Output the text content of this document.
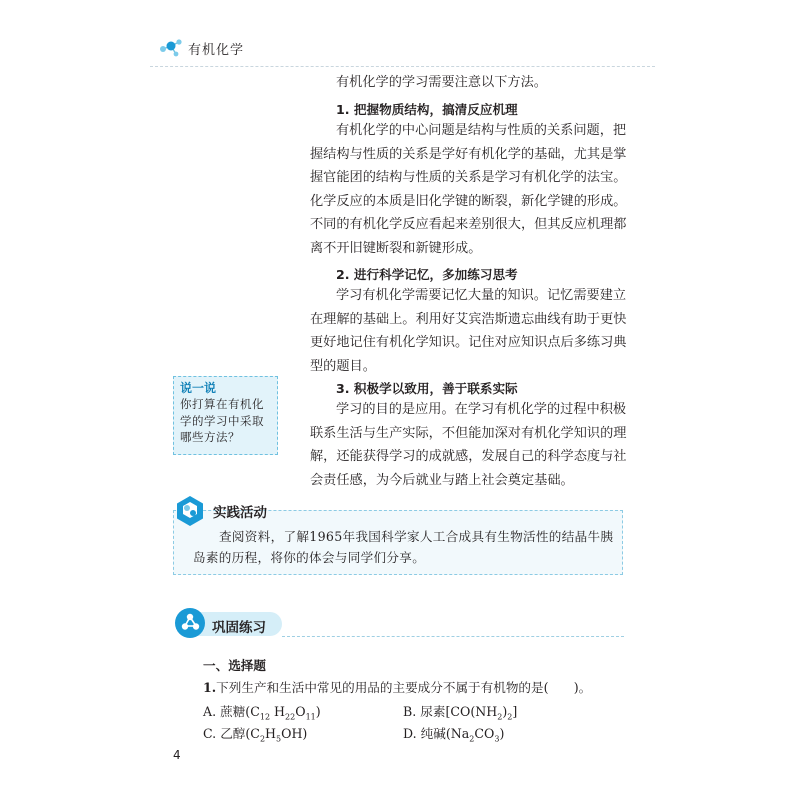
有机化学

有机化学的学习需要注意以下方法。

1. 把握物质结构，搞清反应机理

有机化学的中心问题是结构与性质的关系问题，把握结构与性质的关系是学好有机化学的基础，尤其是掌握官能团的结构与性质的关系是学习有机化学的法宝。化学反应的本质是旧化学键的断裂，新化学键的形成。不同的有机化学反应看起来差别很大，但其反应机理都离不开旧键断裂和新键形成。

2. 进行科学记忆，多加练习思考

学习有机化学需要记忆大量的知识。记忆需要建立在理解的基础上。利用好艾宾浩斯遗忘曲线有助于更快更好地记住有机化学知识。记住对应知识点后多练习典型的题目。

说一说
你打算在有机化学的学习中采取哪些方法？
3. 积极学以致用，善于联系实际

学习的目的是应用。在学习有机化学的过程中积极联系生活与生产实际，不但能加深对有机化学知识的理解，还能获得学习的成就感，发展自己的科学态度与社会责任感，为今后就业与踏上社会奠定基础。

实践活动

查阅资料，了解1965年我国科学家人工合成具有生物活性的结晶牛胰岛素的历程，将你的体会与同学们分享。

巩固练习
一、选择题
1.下列生产和生活中常见的用品的主要成分不属于有机物的是(　　)。
A. 蔗糖($C_{12}$ $H_{22}O_{11}$)	B. 尿素$[CO(NH_2)_2]$
C. 乙醇$(C_2H_5OH)$	D. 纯碱$(Na_2CO_3)$
4
